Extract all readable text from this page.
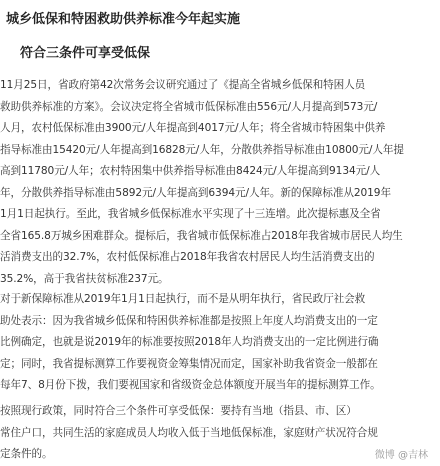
城乡低保和特困救助供养标准今年起实施
符合三条件可享受低保
11月25日，省政府第42次常务会议研究通过了《提高全省城乡低保和特困人员
救助供养标准的方案》。会议决定将全省城市低保标准由556元/人月提高到573元/
人月，农村低保标准由3900元/人年提高到4017元/人年；将全省城市特困集中供养
指导标准由15420元/人年提高到16828元/人年，分散供养指导标准由10800元/人年提
高到11780元/人年；农村特困集中供养指导标准由8424元/人年提高到9134元/人
年，分散供养指导标准由5892元/人年提高到6394元/人年。新的保障标准从2019年
1月1日起执行。至此，我省城乡低保标准水平实现了十三连增。此次提标惠及全省
全省165.8万城乡困难群众。提标后，我省城市低保标准占2018年我省城市居民人均生
活消费支出的32.7%，农村低保标准占2018年我省农村居民人均生活消费支出的
35.2%，高于我省扶贫标准237元。
对于新保障标准从2019年1月1日起执行，而不是从明年执行，省民政厅社会救
助处表示：因为我省城乡低保和特困供养标准都是按照上年度人均消费支出的一定
比例确定，也就是说2019年的标准要按照2018年人均消费支出的一定比例进行确
定；同时，我省提标测算工作要视资金筹集情况而定，国家补助我省资金一般都在
每年7、8月份下拨，我们要视国家和省级资金总体额度开展当年的提标测算工作。
按照现行政策，同时符合三个条件可享受低保：要持有当地（指县、市、区）
常住户口，共同生活的家庭成员人均收入低于当地低保标准，家庭财产状况符合规
定条件的。	微博 @吉林
